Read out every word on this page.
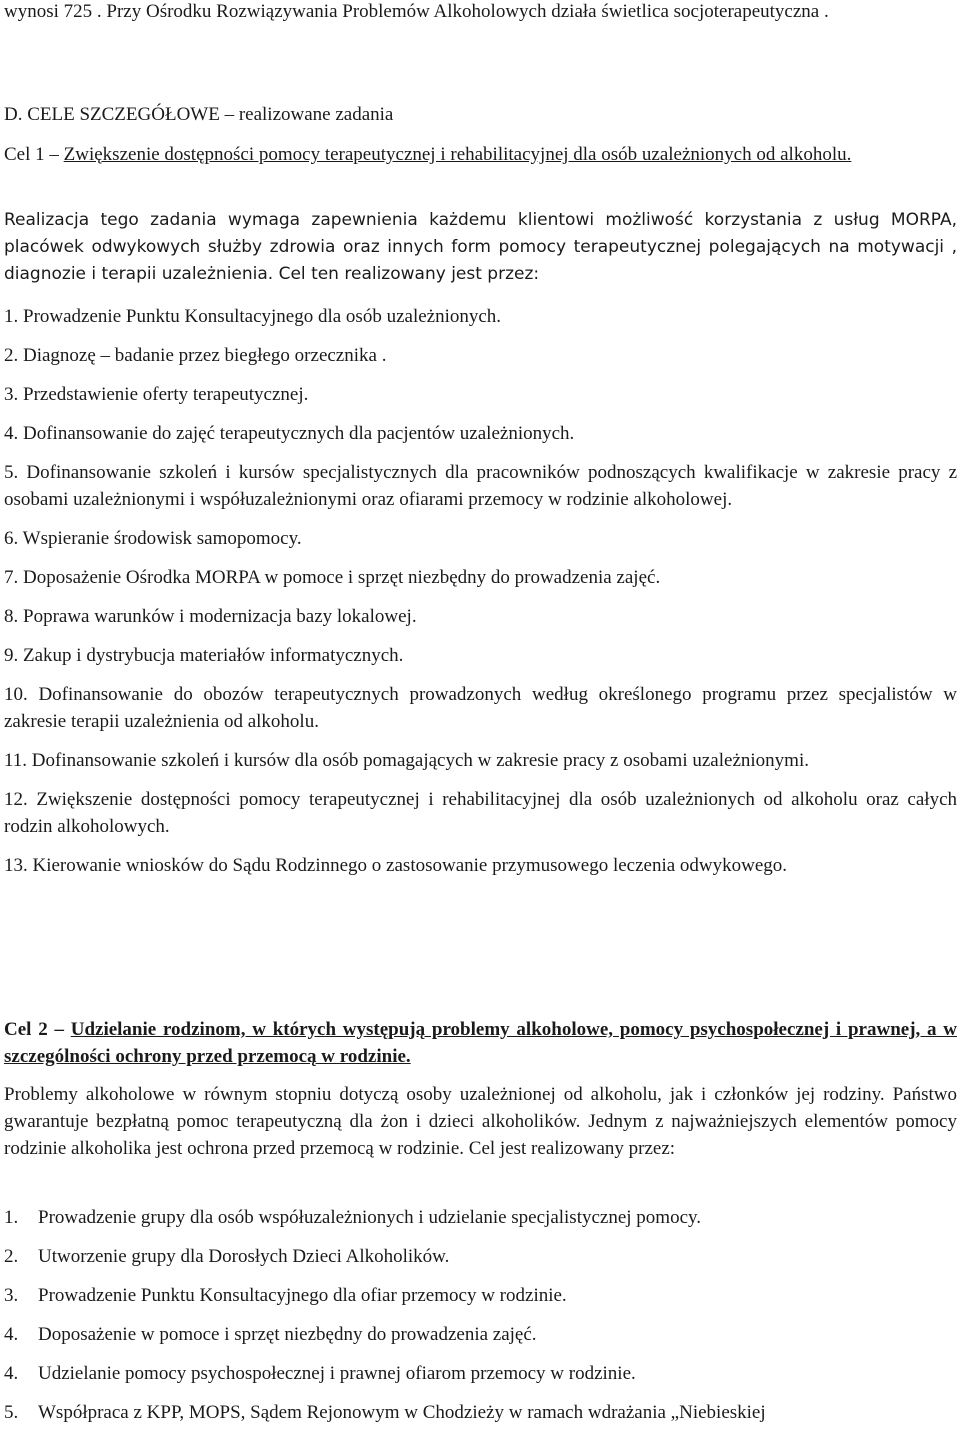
wynosi 725 . Przy Ośrodku Rozwiązywania Problemów Alkoholowych działa świetlica socjoterapeutyczna .

D. CELE SZCZEGÓŁOWE – realizowane zadania

Cel 1 – Zwiększenie dostępności pomocy terapeutycznej i rehabilitacyjnej dla osób uzależnionych od alkoholu.

Realizacja tego zadania wymaga zapewnienia każdemu klientowi możliwość korzystania z usług MORPA, placówek odwykowych służby zdrowia oraz innych form pomocy terapeutycznej polegających na motywacji , diagnozie i terapii uzależnienia. Cel ten realizowany jest przez:

1. Prowadzenie Punktu Konsultacyjnego dla osób uzależnionych.

2. Diagnozę – badanie przez biegłego orzecznika .

3. Przedstawienie oferty terapeutycznej.

4. Dofinansowanie do zajęć terapeutycznych dla pacjentów uzależnionych.

5. Dofinansowanie szkoleń i kursów specjalistycznych dla pracowników podnoszących kwalifikacje w zakresie pracy z osobami uzależnionymi i współuzależnionymi oraz ofiarami przemocy w rodzinie alkoholowej.

6. Wspieranie środowisk samopomocy.

7. Doposażenie Ośrodka MORPA w pomoce i sprzęt niezbędny do prowadzenia zajęć.

8. Poprawa warunków i modernizacja bazy lokalowej.

9. Zakup i dystrybucja materiałów informatycznych.

10. Dofinansowanie do obozów terapeutycznych prowadzonych według określonego programu przez specjalistów w zakresie terapii uzależnienia od alkoholu.

11. Dofinansowanie szkoleń i kursów dla osób pomagających w zakresie pracy z osobami uzależnionymi.

12. Zwiększenie dostępności pomocy terapeutycznej i rehabilitacyjnej dla osób uzależnionych od alkoholu oraz całych rodzin alkoholowych.

13. Kierowanie wniosków do Sądu Rodzinnego o zastosowanie przymusowego leczenia odwykowego.

Cel 2 – Udzielanie rodzinom, w których występują problemy alkoholowe, pomocy psychospołecznej i prawnej, a w szczególności ochrony przed przemocą w rodzinie.

Problemy alkoholowe w równym stopniu dotyczą osoby uzależnionej od alkoholu, jak i członków jej rodziny. Państwo gwarantuje bezpłatną pomoc terapeutyczną dla żon i dzieci alkoholików. Jednym z najważniejszych elementów pomocy rodzinie alkoholika jest ochrona przed przemocą w rodzinie. Cel jest realizowany przez:

1.	Prowadzenie grupy dla osób współuzależnionych i udzielanie specjalistycznej pomocy.
2.	Utworzenie grupy dla Dorosłych Dzieci Alkoholików.
3.	Prowadzenie Punktu Konsultacyjnego dla ofiar przemocy w rodzinie.
4.	Doposażenie w pomoce i sprzęt niezbędny do prowadzenia zajęć.
4.	Udzielanie pomocy psychospołecznej i prawnej ofiarom przemocy w rodzinie.
5.	Współpraca z KPP, MOPS, Sądem Rejonowym w Chodzieży w ramach wdrażania „Niebieskiej
